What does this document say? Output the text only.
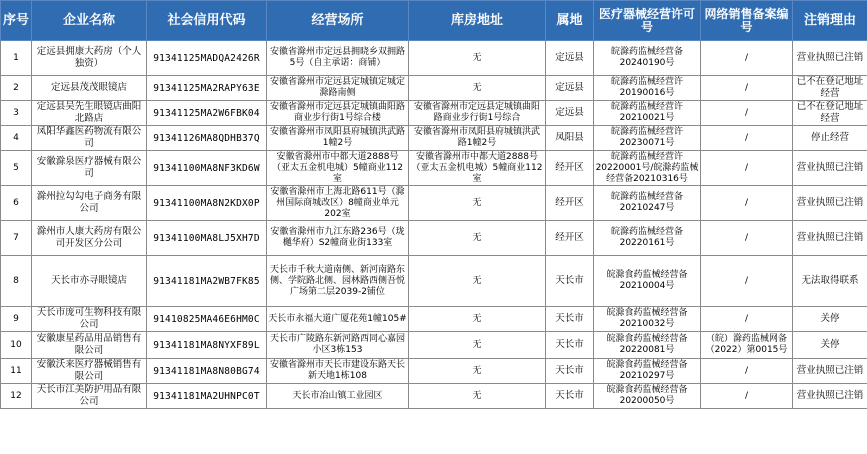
序号	企业名称	社会信用代码	经营场所	库房地址	属地	医疗器械经营许可号	网络销售备案编号	注销理由
1	定远县拥康大药房（个人独资）	91341125MADQA2426R	安徽省滁州市定远县拥晓乡双拥路5号（自主承诺：商铺）	无	定远县	皖滁药监械经营备20240190号	/	营业执照已注销
2	定远县茂茂眼镜店	91341125MA2RAPY63E	安徽省滁州市定远县定城镇定城定滁路南侧	无	定远县	皖滁药监械经营许20190016号	/	已不在登记地址经营
3	定远县吴先生眼镜店曲阳北路店	91341125MA2W6FBK04	安徽省滁州市定远县定城镇曲阳路商业步行街1号综合楼	安徽省滁州市定远县定城镇曲阳路商业步行街1号综合	定远县	皖滁药监械经营许20210021号	/	已不在登记地址经营
4	凤阳华鑫医药物流有限公司	91341126MA8QDHB37Q	安徽省滁州市凤阳县府城镇洪武路1幢2号	安徽省滁州市凤阳县府城镇洪武路1幢2号	凤阳县	皖滁药监械经营许20230071号	/	停止经营
5	安徽滁泉医疗器械有限公司	91341100MA8NF3KD6W	安徽省滁州市中都大道2888号（亚太五金机电城）5幢商业112室	安徽省滁州市中都大道2888号（亚太五金机电城）5幢商业112室	经开区	皖滁药监械经营许20220001号/皖滁药监械经营备20210316号	/	营业执照已注销
6	滁州拉勾勾电子商务有限公司	91341100MA8N2KDX0P	安徽省滁州市上海北路611号（滁州国际商城改区）8幢商业单元202室	无	经开区	皖滁药监械经营备20210247号	/	营业执照已注销
7	滁州市人康大药房有限公司开发区分公司	91341100MA8LJ5XH7D	安徽省滁州市九江东路236号（珑樾华府）S2幢商业街133室	无	经开区	皖滁药监械经营备20220161号	/	营业执照已注销
8	天长市亦寻眼镜店	91341181MA2WB7FK85	天长市千秋大道南侧、新河南路东侧、学院路北侧、园林路西侧吾悦广场第二层2039-2铺位	无	天长市	皖滁食药监械经营备20210004号	/	无法取得联系
9	天长市庞可生物科技有限公司	91410825MA46E6HM0C	天长市永福大道广厦花苑1幢105#	无	天长市	皖滁食药监械经营备20210032号	/	关停
10	安徽康星药品用品销售有限公司	91341181MA8NYXF89L	天长市广陵路东新河路西同心嘉园小区3栋153	无	天长市	皖滁食药监械经营备20220081号	（皖）滁药监械网备（2022）第0015号	关停
11	安徽沃来医疗器械销售有限公司	91341181MA8N80BG74	安徽省滁州市天长市建设东路天长新天地1栋108	无	天长市	皖滁食药监械经营备20210297号	/	营业执照已注销
12	天长市江美防护用品有限公司	91341181MA2UHNPC0T	天长市冶山镇工业园区	无	天长市	皖滁食药监械经营备20200050号	/	营业执照已注销
